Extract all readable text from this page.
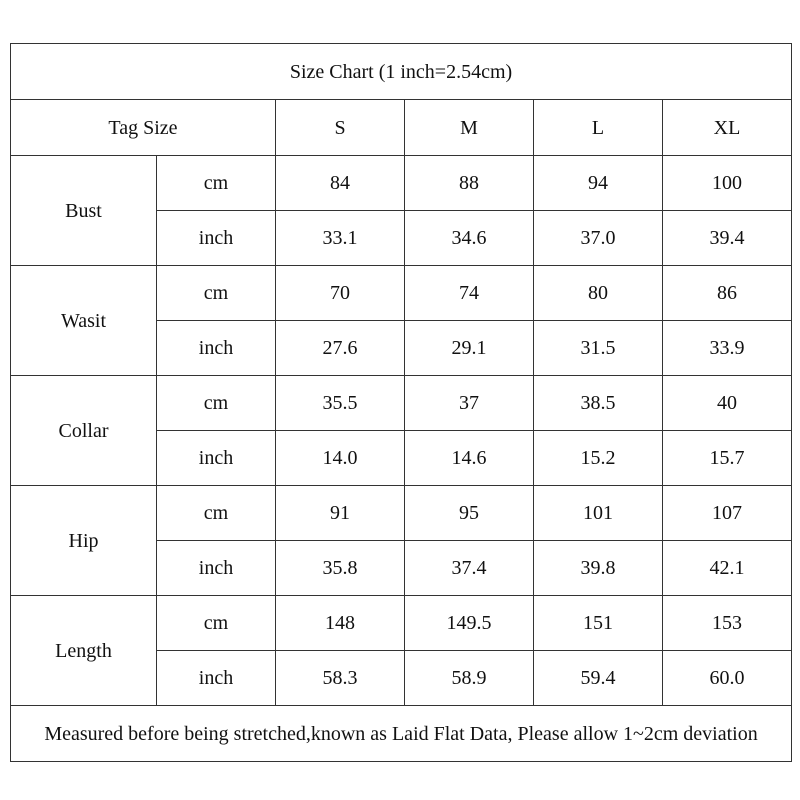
Size Chart (1 inch=2.54cm)					
Tag Size		S	M	L	XL
Bust	cm	84	88	94	100
	inch	33.1	34.6	37.0	39.4
Wasit	cm	70	74	80	86
	inch	27.6	29.1	31.5	33.9
Collar	cm	35.5	37	38.5	40
	inch	14.0	14.6	15.2	15.7
Hip	cm	91	95	101	107
	inch	35.8	37.4	39.8	42.1
Length	cm	148	149.5	151	153
	inch	58.3	58.9	59.4	60.0
Measured before being stretched,known as Laid Flat Data, Please allow 1~2cm deviation					
